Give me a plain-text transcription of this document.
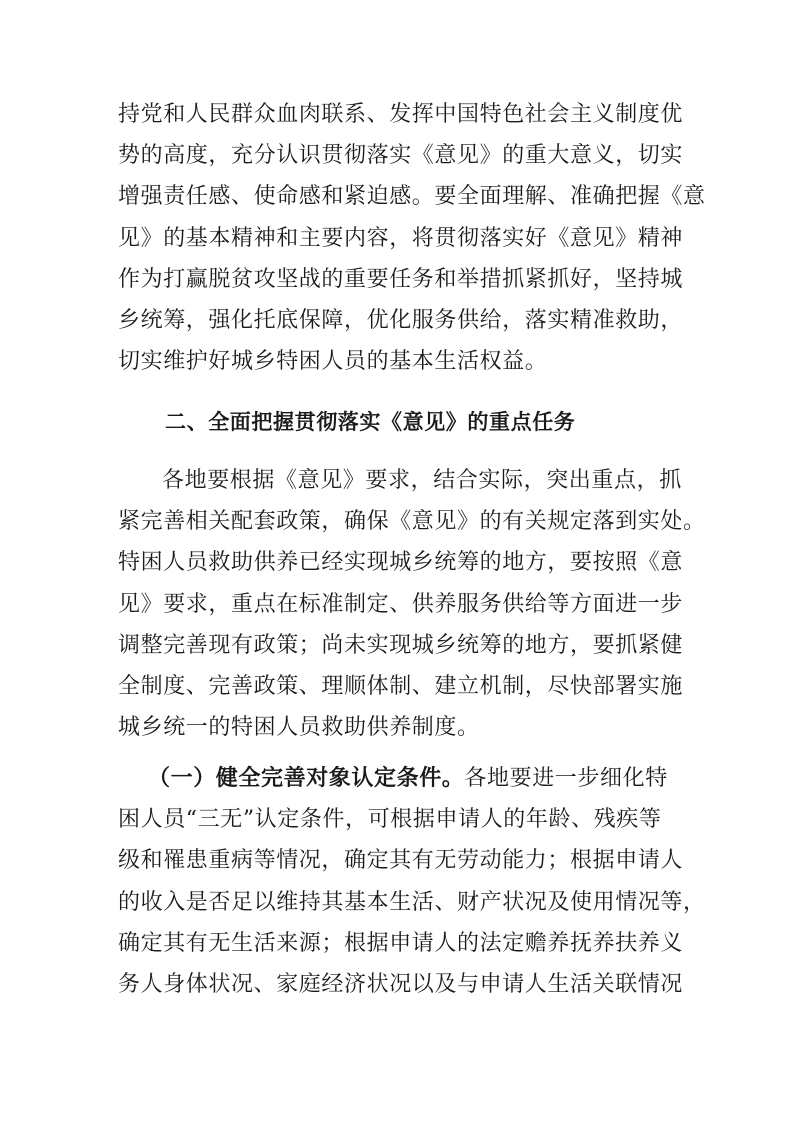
持党和人民群众血肉联系、发挥中国特色社会主义制度优
势的高度，充分认识贯彻落实《意见》的重大意义，切实
增强责任感、使命感和紧迫感。要全面理解、准确把握《意
见》的基本精神和主要内容，将贯彻落实好《意见》精神
作为打赢脱贫攻坚战的重要任务和举措抓紧抓好，坚持城
乡统筹，强化托底保障，优化服务供给，落实精准救助，
切实维护好城乡特困人员的基本生活权益。
二、全面把握贯彻落实《意见》的重点任务
各地要根据《意见》要求，结合实际，突出重点，抓
紧完善相关配套政策，确保《意见》的有关规定落到实处。
特困人员救助供养已经实现城乡统筹的地方，要按照《意
见》要求，重点在标准制定、供养服务供给等方面进一步
调整完善现有政策；尚未实现城乡统筹的地方，要抓紧健
全制度、完善政策、理顺体制、建立机制，尽快部署实施
城乡统一的特困人员救助供养制度。
（一）健全完善对象认定条件。各地要进一步细化特
困人员“三无”认定条件，可根据申请人的年龄、残疾等
级和罹患重病等情况，确定其有无劳动能力；根据申请人
的收入是否足以维持其基本生活、财产状况及使用情况等，
确定其有无生活来源；根据申请人的法定赡养抚养扶养义
务人身体状况、家庭经济状况以及与申请人生活关联情况
